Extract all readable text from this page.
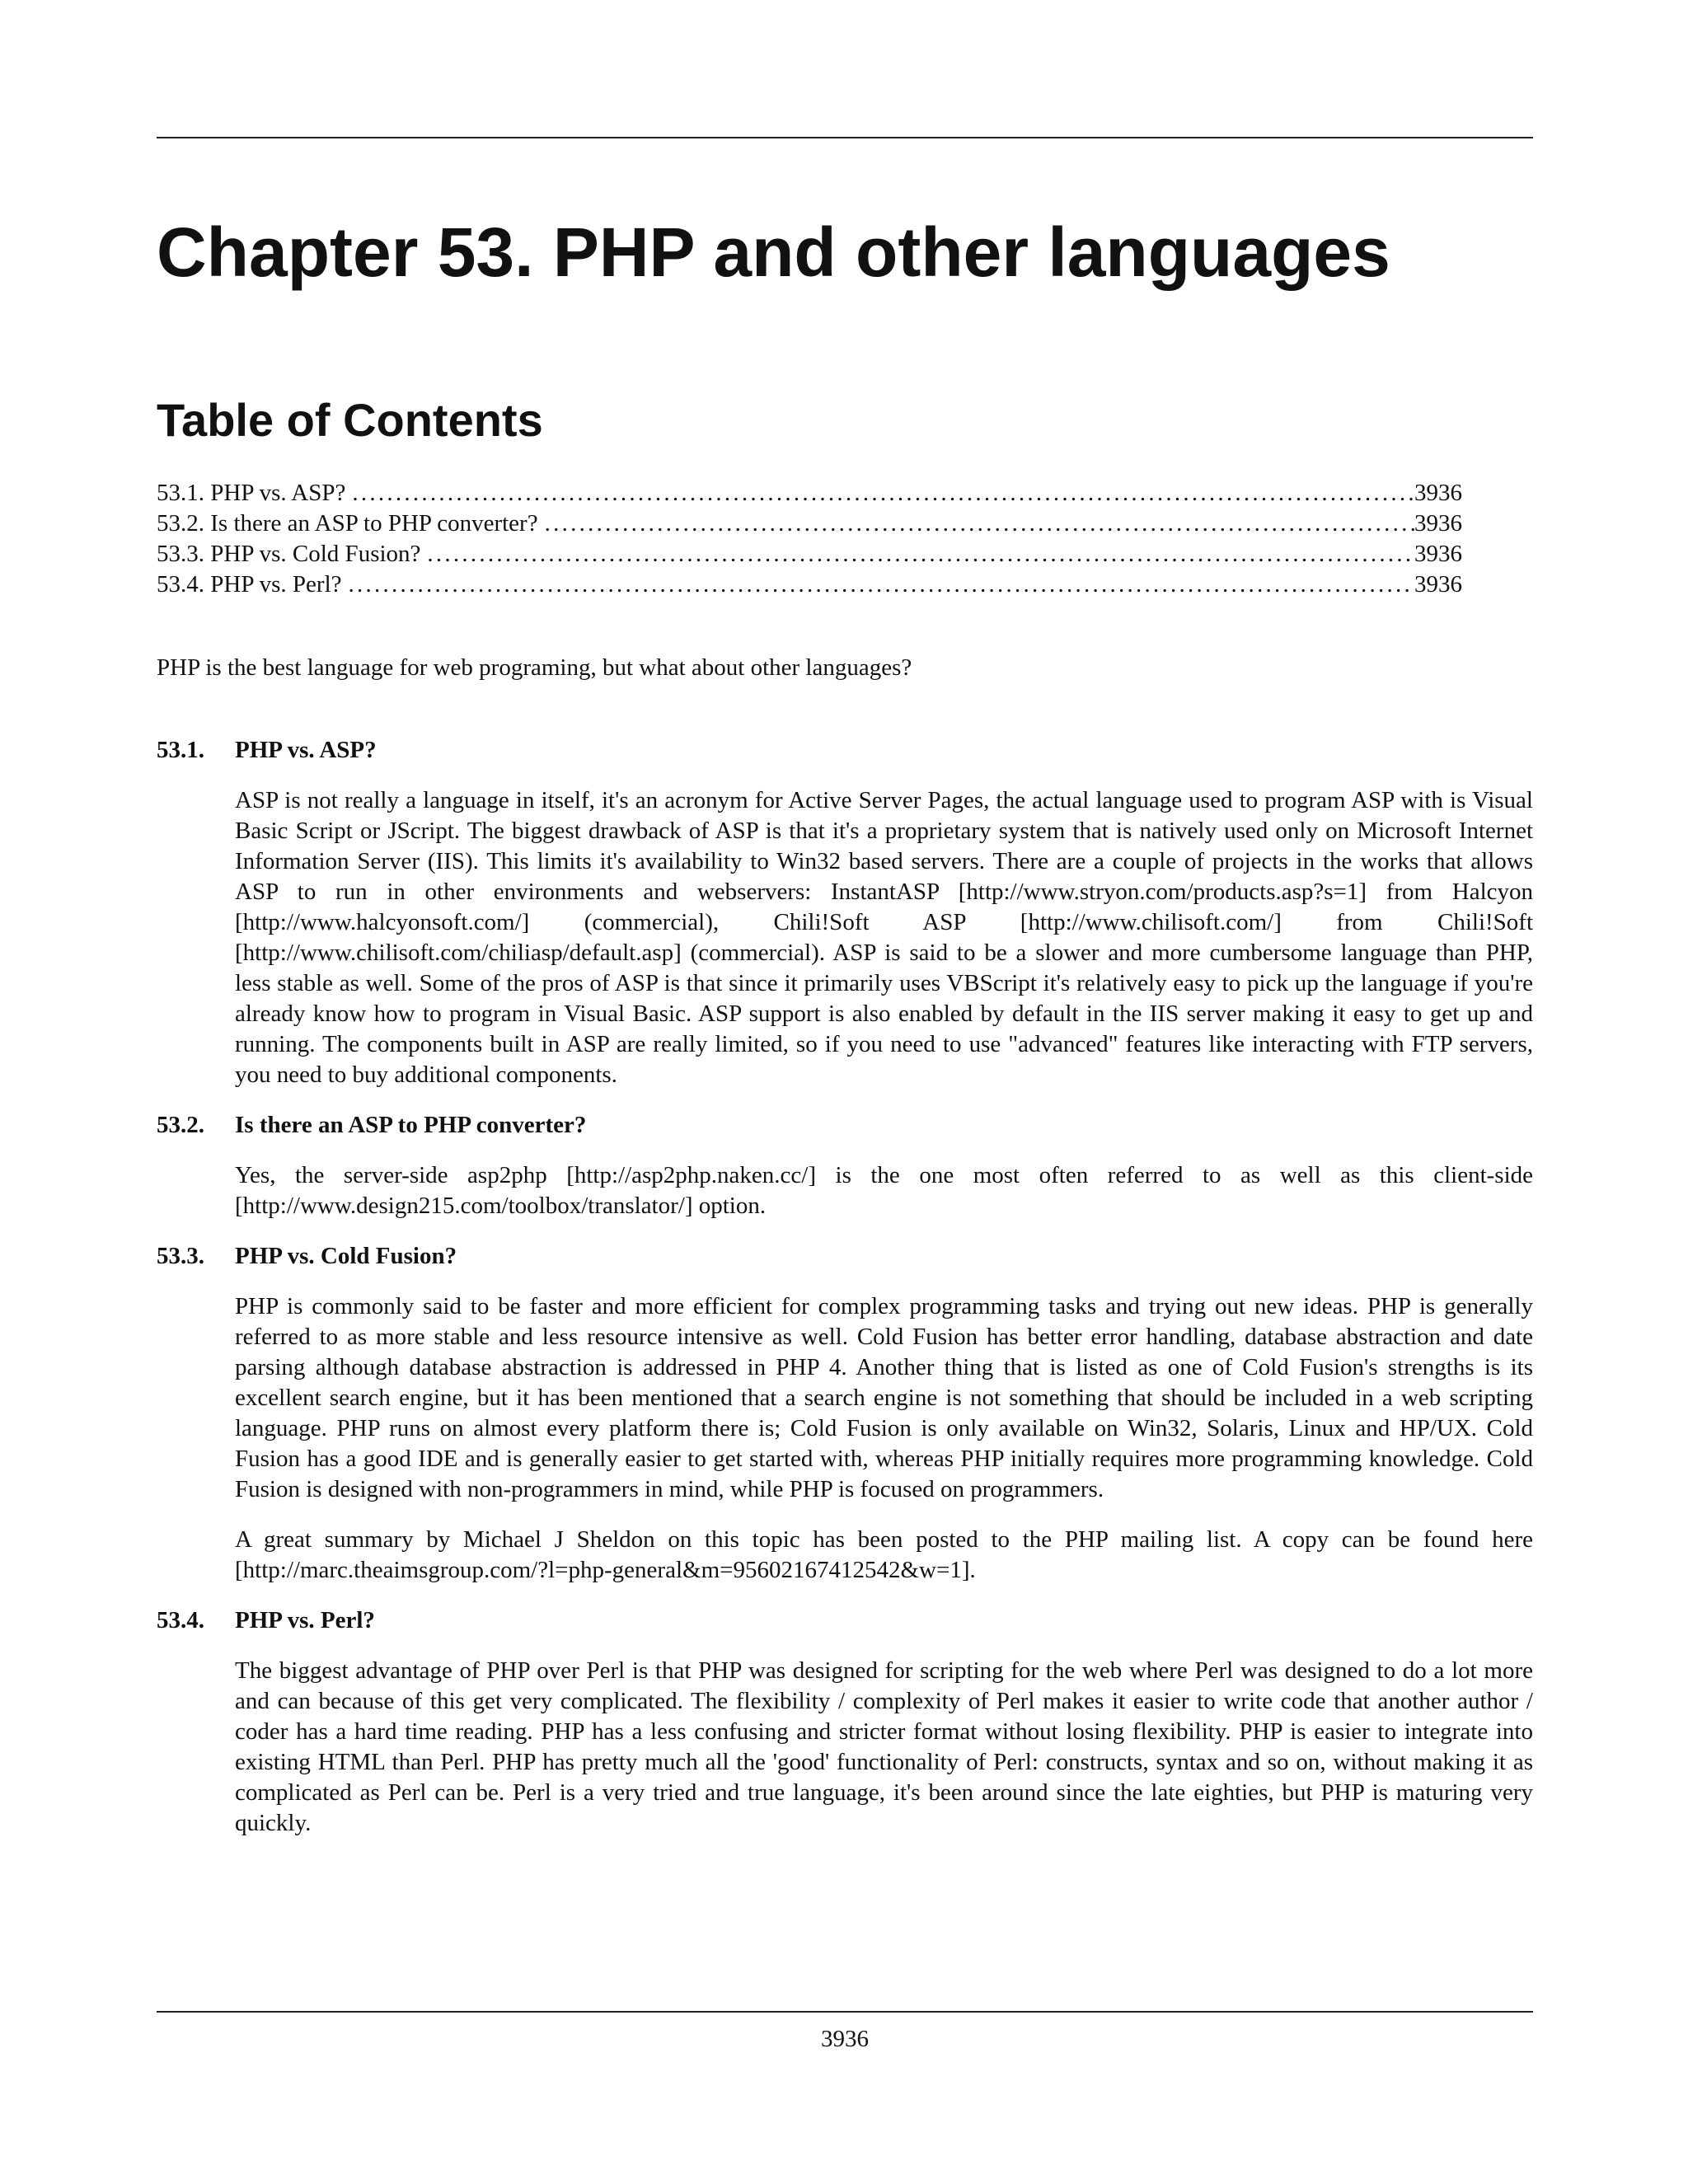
Chapter 53. PHP and other languages
Table of Contents
53.1. PHP vs. ASP? . . .	3936
53.2. Is there an ASP to PHP converter? . . .	3936
53.3. PHP vs. Cold Fusion? . . .	3936
53.4. PHP vs. Perl? . . .	3936

PHP is the best language for web programing, but what about other languages?

53.1.	PHP vs. ASP?

ASP is not really a language in itself, it's an acronym for Active Server Pages, the actual language used to program ASP with is Visual Basic Script or JScript. The biggest drawback of ASP is that it's a proprietary system that is natively used only on Microsoft Internet Information Server (IIS). This limits it's availability to Win32 based servers. There are a couple of projects in the works that allows ASP to run in other environments and webservers: InstantASP [http://www.stryon.com/products.asp?s=1] from Halcyon [http://www.halcyonsoft.com/] (commercial), Chili!Soft ASP [http://www.chilisoft.com/] from Chili!Soft [http://www.chilisoft.com/chiliasp/default.asp] (commercial). ASP is said to be a slower and more cumbersome language than PHP, less stable as well. Some of the pros of ASP is that since it primarily uses VBScript it's relatively easy to pick up the language if you're already know how to program in Visual Basic. ASP support is also enabled by default in the IIS server making it easy to get up and running. The components built in ASP are really limited, so if you need to use "advanced" features like interacting with FTP servers, you need to buy additional components.

53.2.	Is there an ASP to PHP converter?

Yes, the server-side asp2php [http://asp2php.naken.cc/] is the one most often referred to as well as this client-side [http://www.design215.com/toolbox/translator/] option.

53.3.	PHP vs. Cold Fusion?

PHP is commonly said to be faster and more efficient for complex programming tasks and trying out new ideas. PHP is generally referred to as more stable and less resource intensive as well. Cold Fusion has better error handling, database abstraction and date parsing although database abstraction is addressed in PHP 4. Another thing that is listed as one of Cold Fusion's strengths is its excellent search engine, but it has been mentioned that a search engine is not something that should be included in a web scripting language. PHP runs on almost every platform there is; Cold Fusion is only available on Win32, Solaris, Linux and HP/UX. Cold Fusion has a good IDE and is generally easier to get started with, whereas PHP initially requires more programming knowledge. Cold Fusion is designed with non-programmers in mind, while PHP is focused on programmers.

A great summary by Michael J Sheldon on this topic has been posted to the PHP mailing list. A copy can be found here [http://marc.theaimsgroup.com/?l=php-general&m=95602167412542&w=1].

53.4.	PHP vs. Perl?

The biggest advantage of PHP over Perl is that PHP was designed for scripting for the web where Perl was designed to do a lot more and can because of this get very complicated. The flexibility / complexity of Perl makes it easier to write code that another author / coder has a hard time reading. PHP has a less confusing and stricter format without losing flexibility. PHP is easier to integrate into existing HTML than Perl. PHP has pretty much all the 'good' functionality of Perl: constructs, syntax and so on, without making it as complicated as Perl can be. Perl is a very tried and true language, it's been around since the late eighties, but PHP is maturing very quickly.

3936
